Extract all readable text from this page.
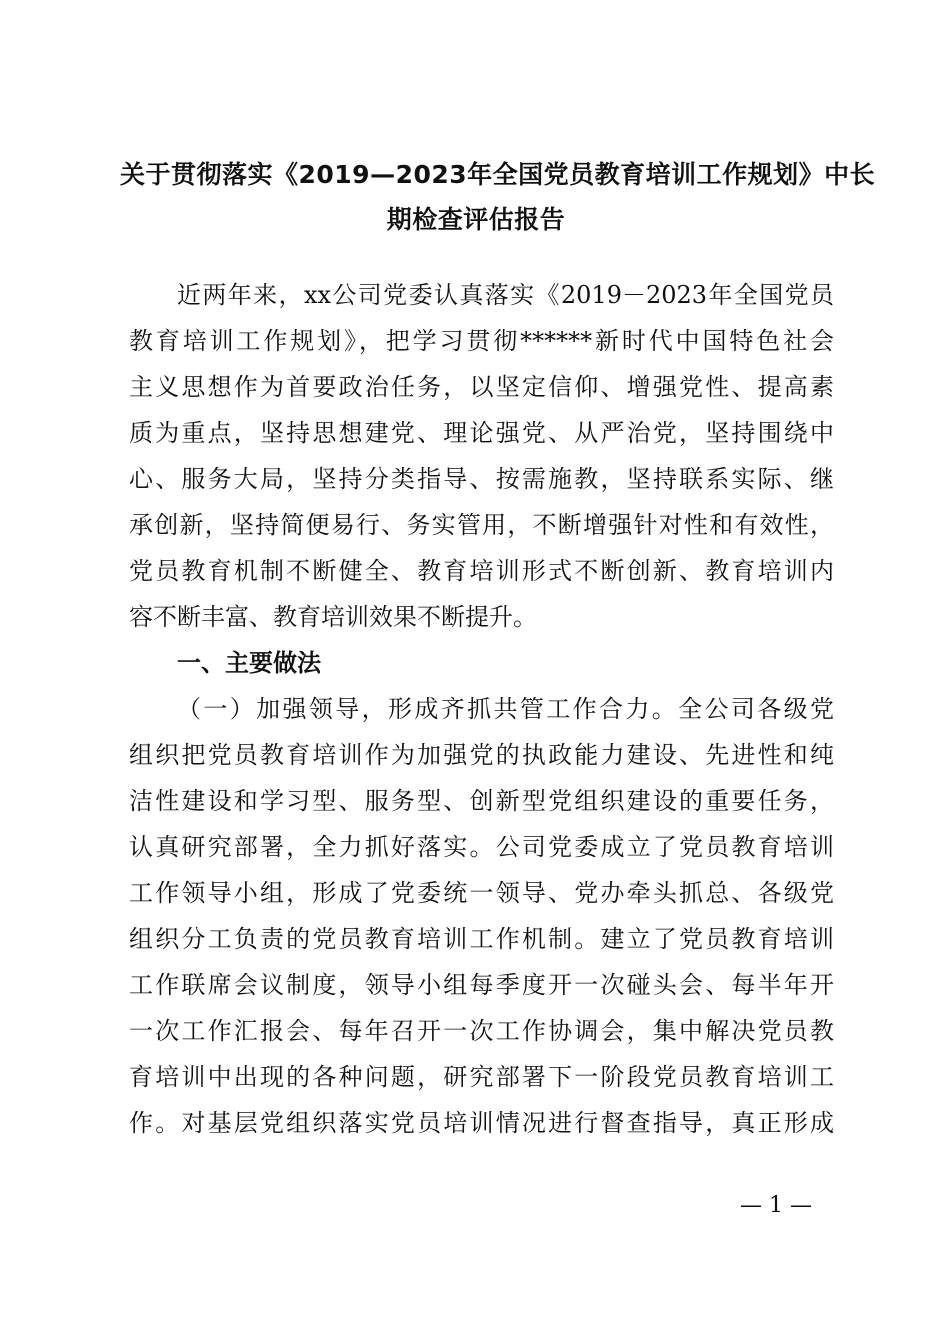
关于贯彻落实《2019—2023年全国党员教育培训工作规划》中长
期检查评估报告
近两年来，xx公司党委认真落实《2019－2023年全国党员
教育培训工作规划》，把学习贯彻******新时代中国特色社会
主义思想作为首要政治任务，以坚定信仰、增强党性、提高素
质为重点，坚持思想建党、理论强党、从严治党，坚持围绕中
心、服务大局，坚持分类指导、按需施教，坚持联系实际、继
承创新，坚持简便易行、务实管用，不断增强针对性和有效性，
党员教育机制不断健全、教育培训形式不断创新、教育培训内
容不断丰富、教育培训效果不断提升。
一、主要做法
（一）加强领导，形成齐抓共管工作合力。全公司各级党
组织把党员教育培训作为加强党的执政能力建设、先进性和纯
洁性建设和学习型、服务型、创新型党组织建设的重要任务，
认真研究部署，全力抓好落实。公司党委成立了党员教育培训
工作领导小组，形成了党委统一领导、党办牵头抓总、各级党
组织分工负责的党员教育培训工作机制。建立了党员教育培训
工作联席会议制度，领导小组每季度开一次碰头会、每半年开
一次工作汇报会、每年召开一次工作协调会，集中解决党员教
育培训中出现的各种问题，研究部署下一阶段党员教育培训工
作。对基层党组织落实党员培训情况进行督查指导，真正形成
— 1 —
